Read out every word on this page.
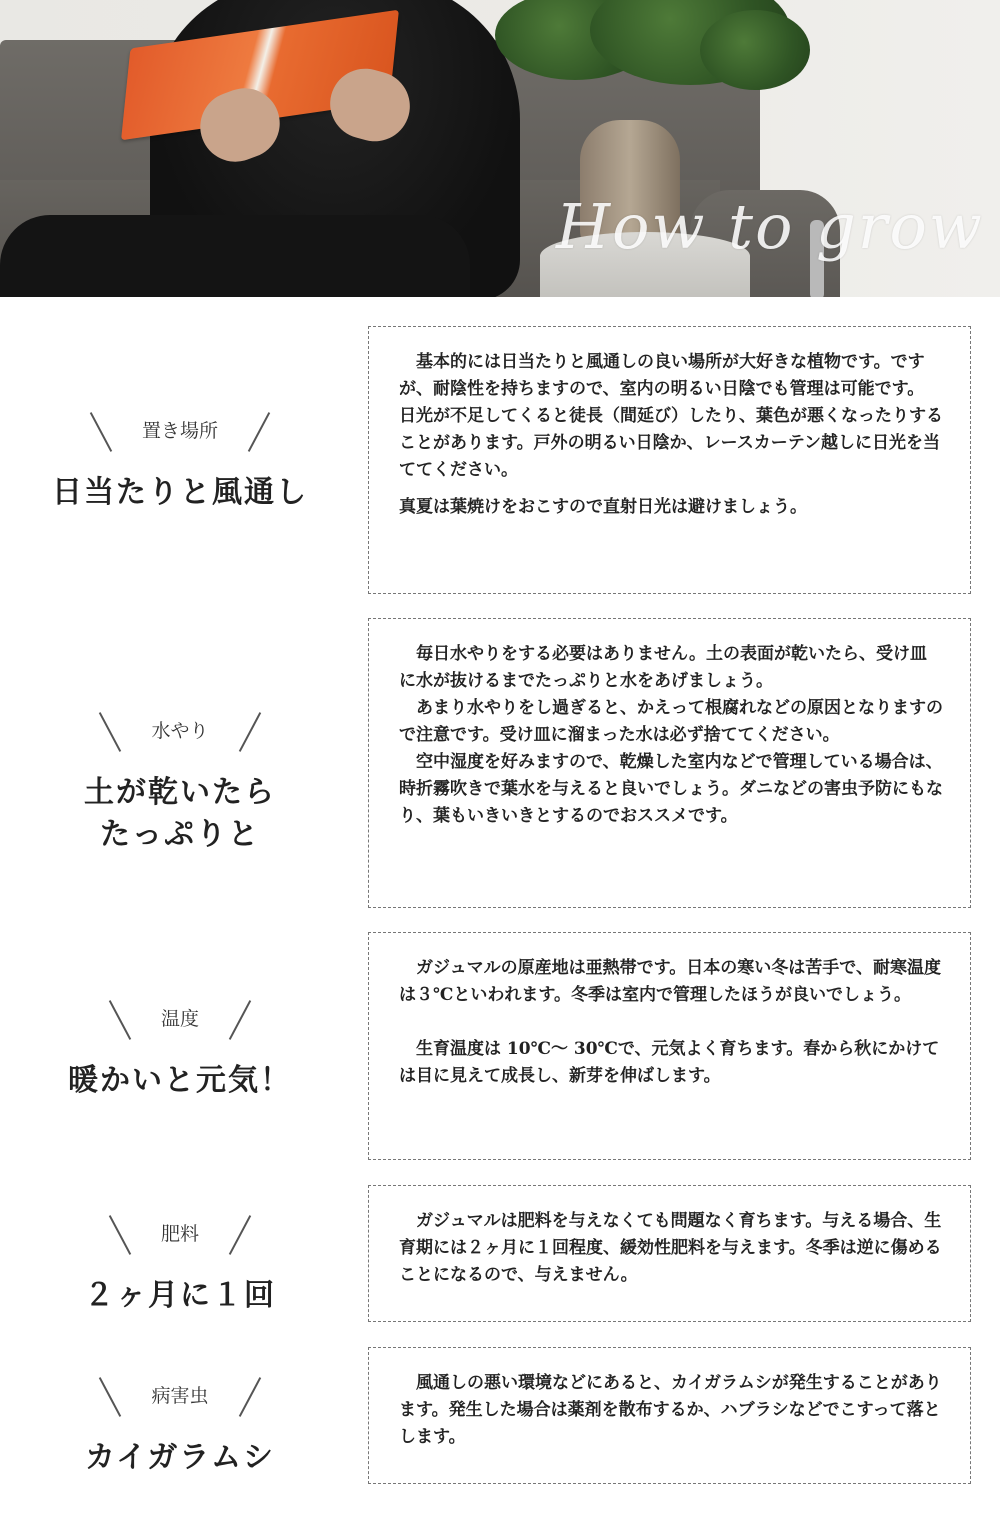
How to grow
置き場所
日当たりと風通し

　基本的には日当たりと風通しの良い場所が大好きな植物です。ですが、耐陰性を持ちますので、室内の明るい日陰でも管理は可能です。

日光が不足してくると徒長（間延び）したり、葉色が悪くなったりすることがあります。戸外の明るい日陰か、レースカーテン越しに日光を当ててください。

真夏は葉焼けをおこすので直射日光は避けましょう。

水やり
土が乾いたら
たっぷりと

　毎日水やりをする必要はありません。土の表面が乾いたら、受け皿に水が抜けるまでたっぷりと水をあげましょう。

　あまり水やりをし過ぎると、かえって根腐れなどの原因となりますので注意です。受け皿に溜まった水は必ず捨ててください。

　空中湿度を好みますので、乾燥した室内などで管理している場合は、時折霧吹きで葉水を与えると良いでしょう。ダニなどの害虫予防にもなり、葉もいきいきとするのでおススメです。

温度
暖かいと元気！

　ガジュマルの原産地は亜熱帯です。日本の寒い冬は苦手で、耐寒温度は３℃といわれます。冬季は室内で管理したほうが良いでしょう。

　生育温度は 10℃～ 30℃で、元気よく育ちます。春から秋にかけては目に見えて成長し、新芽を伸ばします。

肥料
２ヶ月に１回

　ガジュマルは肥料を与えなくても問題なく育ちます。与える場合、生育期には２ヶ月に１回程度、緩効性肥料を与えます。冬季は逆に傷めることになるので、与えません。

病害虫
カイガラムシ

　風通しの悪い環境などにあると、カイガラムシが発生することがあります。発生した場合は薬剤を散布するか、ハブラシなどでこすって落とします。
